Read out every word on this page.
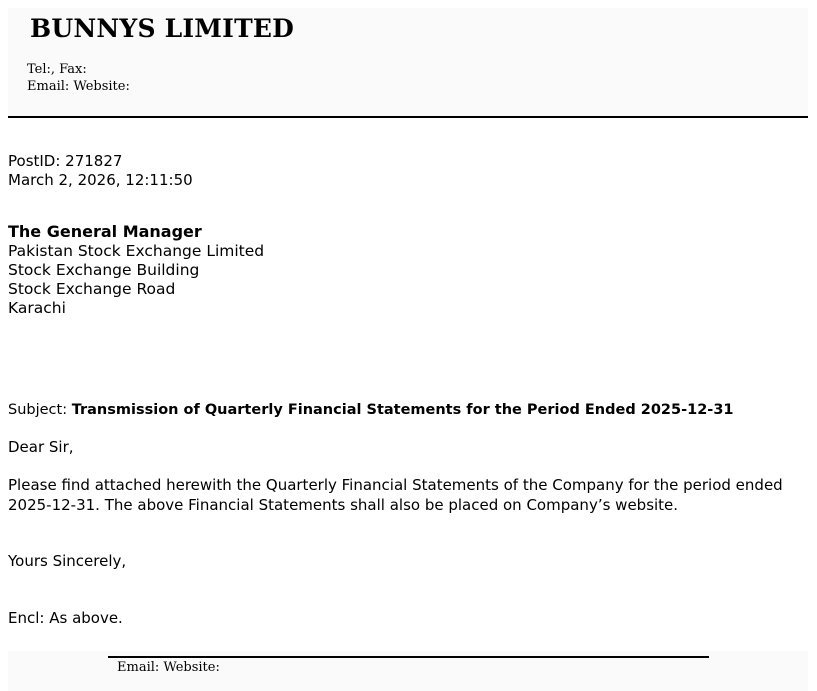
BUNNYS LIMITED
Tel:, Fax:
Email: Website:
PostID: 271827
March 2, 2026, 12:11:50
The General Manager
Pakistan Stock Exchange Limited
Stock Exchange Building
Stock Exchange Road
Karachi
Subject: Transmission of Quarterly Financial Statements for the Period Ended 2025-12-31
Dear Sir,
Please find attached herewith the Quarterly Financial Statements of the Company for the period ended 2025-12-31. The above Financial Statements shall also be placed on Company’s website.
Yours Sincerely,
Encl: As above.
Email: Website:
